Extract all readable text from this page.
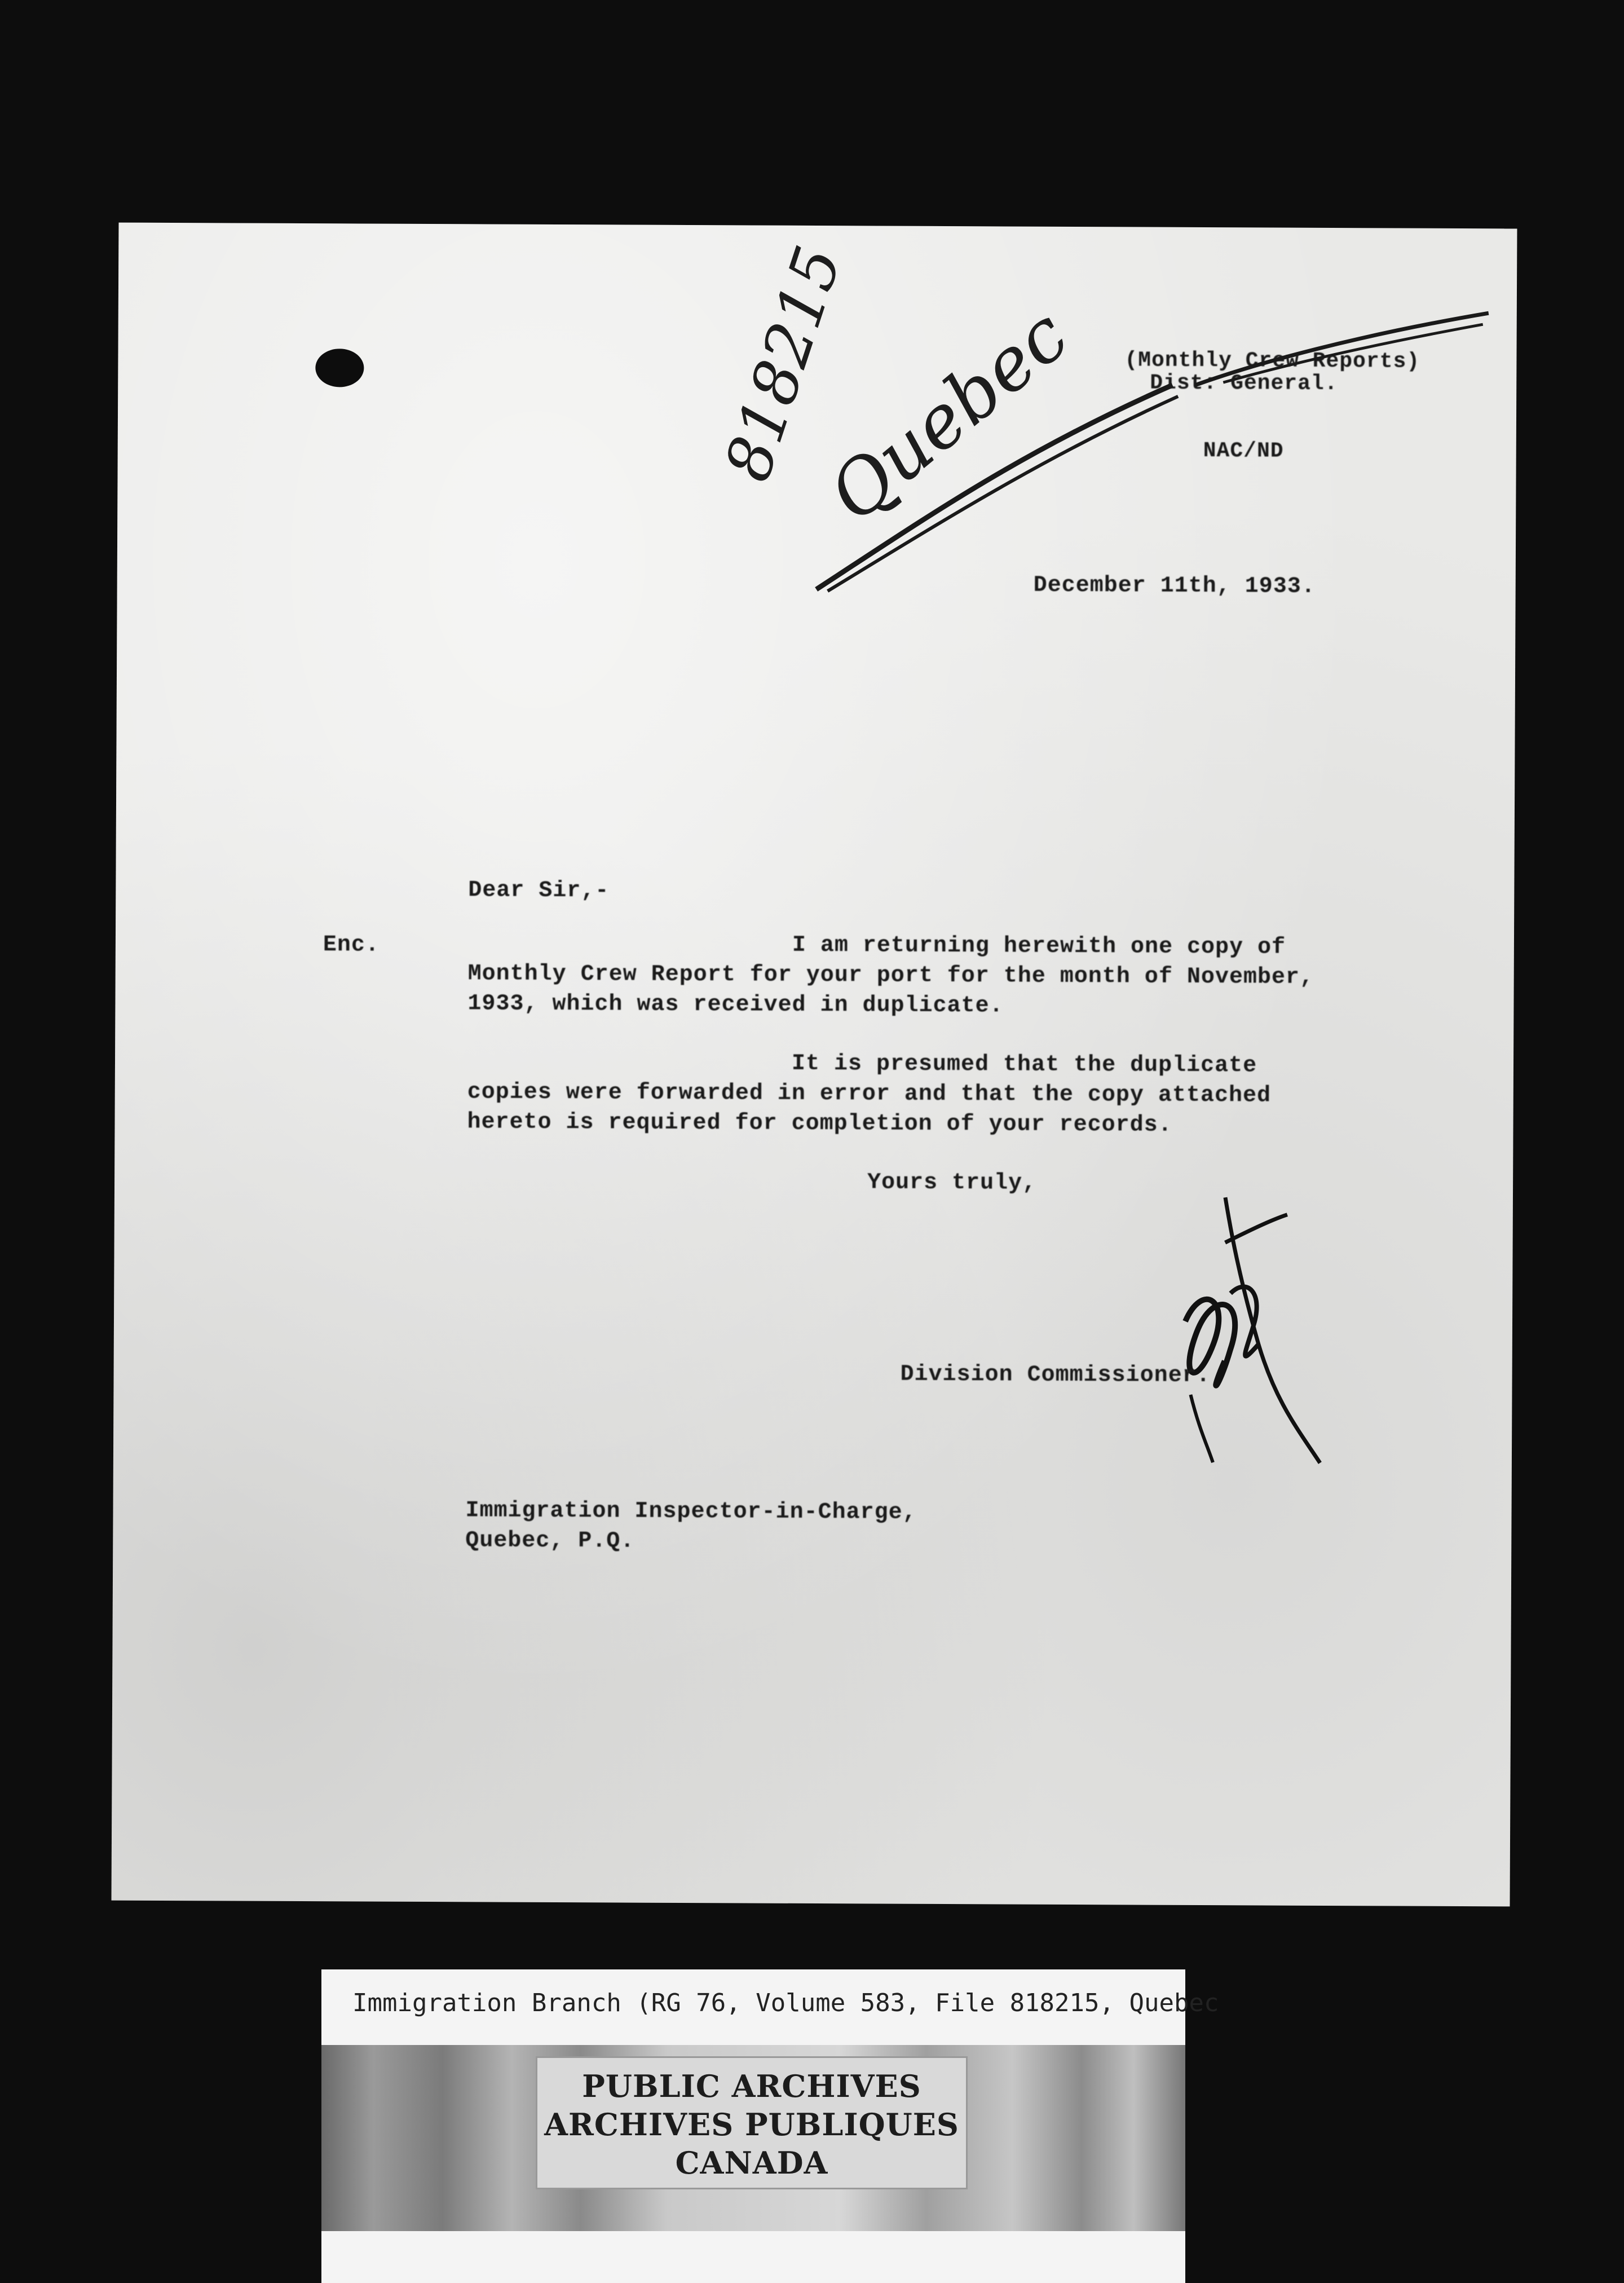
(Monthly Crew Reports)
Dist: General.
NAC/ND
818215
Quebec
December 11th, 1933.
Dear Sir,-
Enc.	I am returning herewith one copy of
Monthly Crew Report for your port for the month of November,
1933, which was received in duplicate.
It is presumed that the duplicate
copies were forwarded in error and that the copy attached
hereto is required for completion of your records.
Yours truly,
Division Commissioner.
Immigration Inspector-in-Charge,
Quebec, P.Q.
Immigration Branch (RG 76, Volume 583, File 818215, Quebec
PUBLIC ARCHIVES
ARCHIVES PUBLIQUES
CANADA
